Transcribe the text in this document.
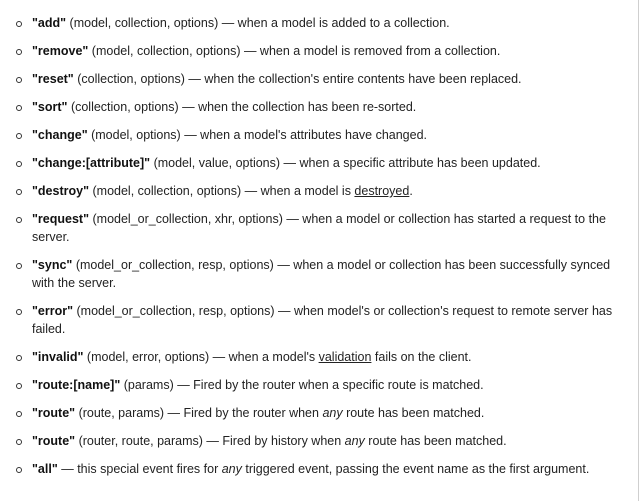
"add" (model, collection, options) — when a model is added to a collection.
"remove" (model, collection, options) — when a model is removed from a collection.
"reset" (collection, options) — when the collection's entire contents have been replaced.
"sort" (collection, options) — when the collection has been re-sorted.
"change" (model, options) — when a model's attributes have changed.
"change:[attribute]" (model, value, options) — when a specific attribute has been updated.
"destroy" (model, collection, options) — when a model is destroyed.
"request" (model_or_collection, xhr, options) — when a model or collection has started a request to the server.
"sync" (model_or_collection, resp, options) — when a model or collection has been successfully synced with the server.
"error" (model_or_collection, resp, options) — when model's or collection's request to remote server has failed.
"invalid" (model, error, options) — when a model's validation fails on the client.
"route:[name]" (params) — Fired by the router when a specific route is matched.
"route" (route, params) — Fired by the router when any route has been matched.
"route" (router, route, params) — Fired by history when any route has been matched.
"all" — this special event fires for any triggered event, passing the event name as the first argument.
